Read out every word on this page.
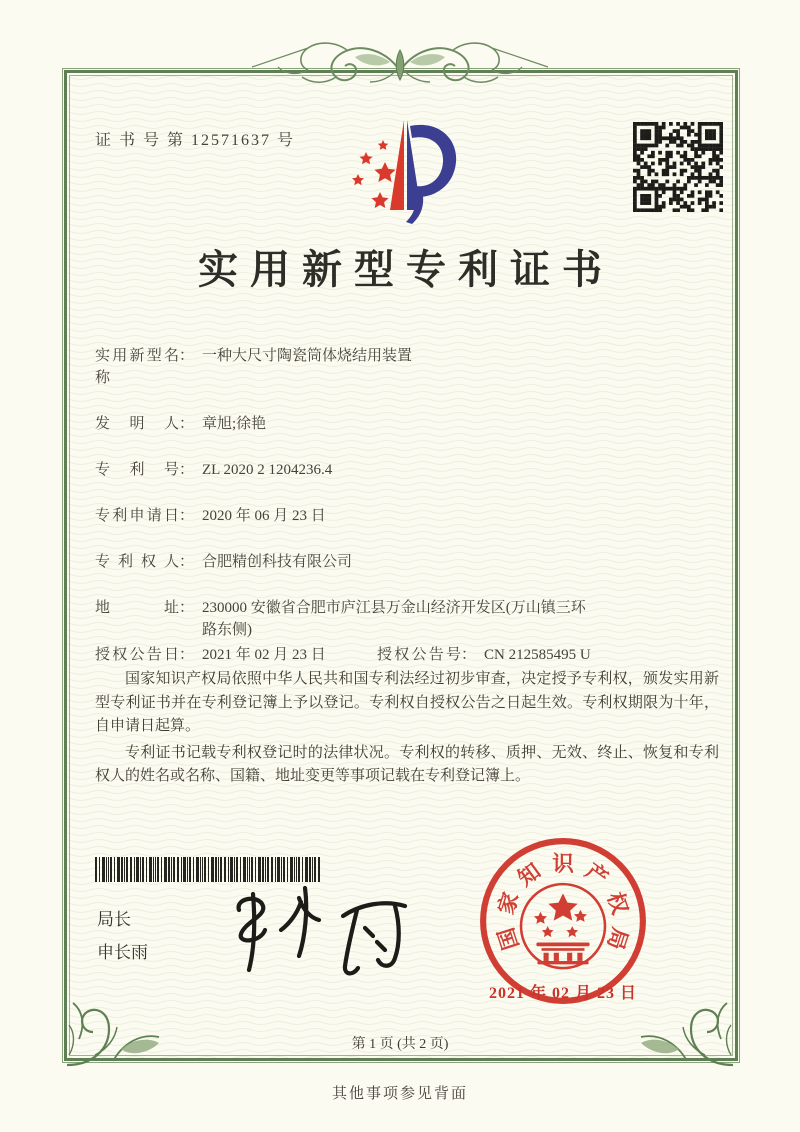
证 书 号 第 12571637 号
实用新型专利证书
实用新型名称
： 一种大尺寸陶瓷筒体烧结用装置
发明人 ： 章旭;徐艳
专利号 ： ZL 2020 2 1204236.4
专利申请日 ： 2020 年 06 月 23 日
专利权人 ： 合肥精创科技有限公司
地址 ： 230000 安徽省合肥市庐江县万金山经济开发区(万山镇三环路东侧)
授权公告日 ： 2021 年 02 月 23 日	授权公告号 ： CN 212585495 U

国家知识产权局依照中华人民共和国专利法经过初步审查，决定授予专利权，颁发实用新型专利证书并在专利登记簿上予以登记。专利权自授权公告之日起生效。专利权期限为十年，自申请日起算。

专利证书记载专利权登记时的法律状况。专利权的转移、质押、无效、终止、恢复和专利权人的姓名或名称、国籍、地址变更等事项记载在专利登记簿上。

局长
申长雨	国
家
知 识 产
权
局
2021 年 02 月 23 日
第 1 页 (共 2 页)
其他事项参见背面
